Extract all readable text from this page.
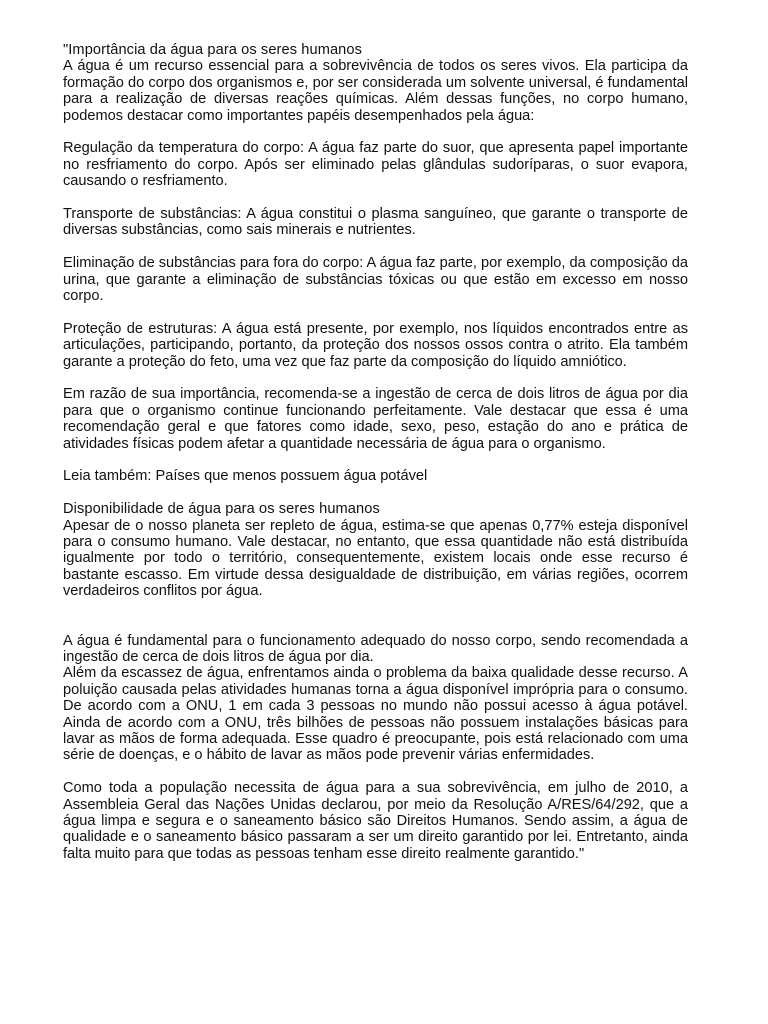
"Importância da água para os seres humanos

A água é um recurso essencial para a sobrevivência de todos os seres vivos. Ela participa da formação do corpo dos organismos e, por ser considerada um solvente universal, é fundamental para a realização de diversas reações químicas. Além dessas funções, no corpo humano, podemos destacar como importantes papéis desempenhados pela água:

Regulação da temperatura do corpo: A água faz parte do suor, que apresenta papel importante no resfriamento do corpo. Após ser eliminado pelas glândulas sudoríparas, o suor evapora, causando o resfriamento.

Transporte de substâncias: A água constitui o plasma sanguíneo, que garante o transporte de diversas substâncias, como sais minerais e nutrientes.

Eliminação de substâncias para fora do corpo: A água faz parte, por exemplo, da composição da urina, que garante a eliminação de substâncias tóxicas ou que estão em excesso em nosso corpo.

Proteção de estruturas: A água está presente, por exemplo, nos líquidos encontrados entre as articulações, participando, portanto, da proteção dos nossos ossos contra o atrito. Ela também garante a proteção do feto, uma vez que faz parte da composição do líquido amniótico.

Em razão de sua importância, recomenda-se a ingestão de cerca de dois litros de água por dia para que o organismo continue funcionando perfeitamente. Vale destacar que essa é uma recomendação geral e que fatores como idade, sexo, peso, estação do ano e prática de atividades físicas podem afetar a quantidade necessária de água para o organismo.

Leia também: Países que menos possuem água potável

Disponibilidade de água para os seres humanos

Apesar de o nosso planeta ser repleto de água, estima-se que apenas 0,77% esteja disponível para o consumo humano. Vale destacar, no entanto, que essa quantidade não está distribuída igualmente por todo o território, consequentemente, existem locais onde esse recurso é bastante escasso. Em virtude dessa desigualdade de distribuição, em várias regiões, ocorrem verdadeiros conflitos por água.

A água é fundamental para o funcionamento adequado do nosso corpo, sendo recomendada a ingestão de cerca de dois litros de água por dia.

Além da escassez de água, enfrentamos ainda o problema da baixa qualidade desse recurso. A poluição causada pelas atividades humanas torna a água disponível imprópria para o consumo. De acordo com a ONU, 1 em cada 3 pessoas no mundo não possui acesso à água potável. Ainda de acordo com a ONU, três bilhões de pessoas não possuem instalações básicas para lavar as mãos de forma adequada. Esse quadro é preocupante, pois está relacionado com uma série de doenças, e o hábito de lavar as mãos pode prevenir várias enfermidades.

Como toda a população necessita de água para a sua sobrevivência, em julho de 2010, a Assembleia Geral das Nações Unidas declarou, por meio da Resolução A/RES/64/292, que a água limpa e segura e o saneamento básico são Direitos Humanos. Sendo assim, a água de qualidade e o saneamento básico passaram a ser um direito garantido por lei. Entretanto, ainda falta muito para que todas as pessoas tenham esse direito realmente garantido."
